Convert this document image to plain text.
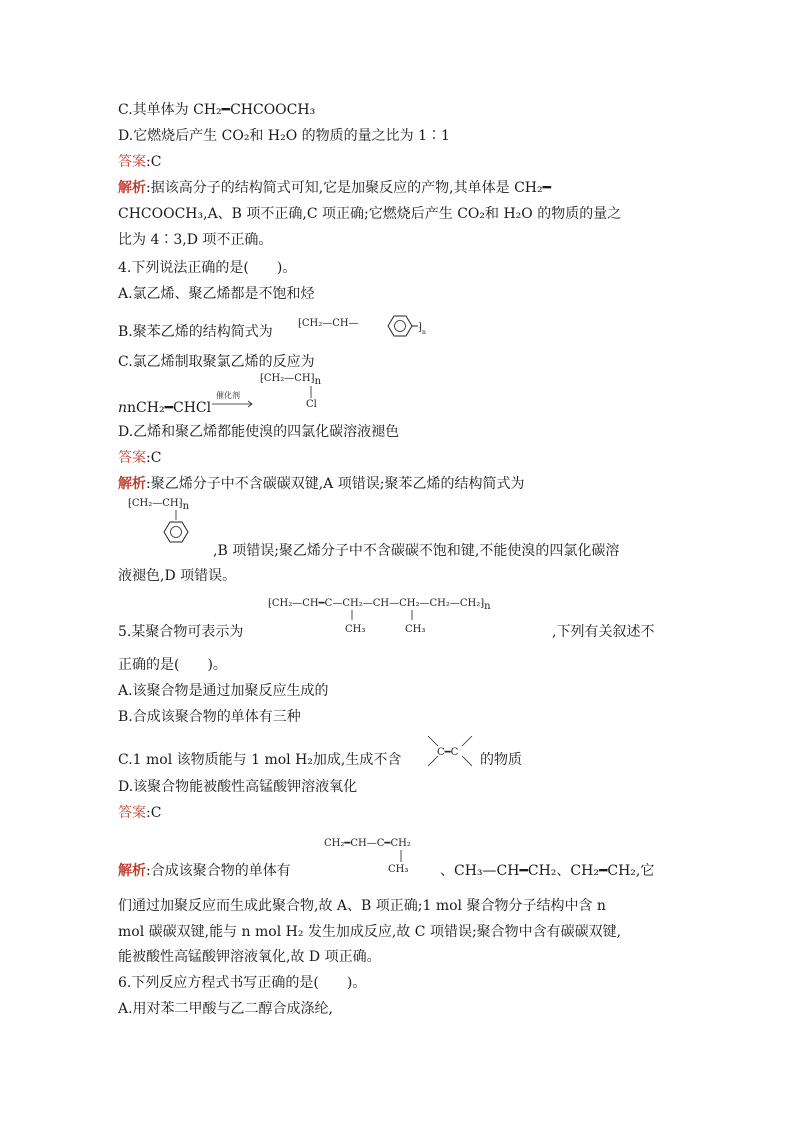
C.其单体为 CH₂━CHCOOCH₃
D.它燃烧后产生 CO₂和 H₂O 的物质的量之比为 1∶1
答案:C
解析:据该高分子的结构简式可知,它是加聚反应的产物,其单体是 CH₂━
CHCOOCH₃,A、B 项不正确,C 项正确;它燃烧后产生 CO₂和 H₂O 的物质的量之
比为 4∶3,D 项不正确。
4.下列说法正确的是(　　)。
A.氯乙烯、聚乙烯都是不饱和烃
B.聚苯乙烯的结构简式为
⁅CH₂—CH—	⁆ n
C.氯乙烯制取聚氯乙烯的反应为
$⁅CH_2—CH⁆_n$
Cl
nnCH₂━CHCl
催化剂
D.乙烯和聚乙烯都能使溴的四氯化碳溶液褪色
答案:C
解析:聚乙烯分子中不含碳碳双键,A 项错误;聚苯乙烯的结构简式为
$⁅CH_2—CH⁆_n$
,B 项错误;聚乙烯分子中不含碳碳不饱和键,不能使溴的四氯化碳溶
液褪色,D 项错误。
$⁅CH_2—CH━C—CH_2—CH—CH_2—CH_2—CH_2⁆_n$
CH₃	CH₃
5.某聚合物可表示为	,下列有关叙述不
正确的是(　　)。
A.该聚合物是通过加聚反应生成的
B.合成该聚合物的单体有三种
C.1 mol 该物质能与 1 mol H₂加成,生成不含	C━C 的物质
D.该聚合物能被酸性高锰酸钾溶液氧化
答案:C
CH₂━CH—C━CH₂
CH₃
解析:合成该聚合物的单体有	、CH₃—CH━CH₂、CH₂━CH₂,它
们通过加聚反应而生成此聚合物,故 A、B 项正确;1 mol 聚合物分子结构中含 n
mol 碳碳双键,能与 n mol H₂ 发生加成反应,故 C 项错误;聚合物中含有碳碳双键,
能被酸性高锰酸钾溶液氧化,故 D 项正确。
6.下列反应方程式书写正确的是(　　)。
A.用对苯二甲酸与乙二醇合成涤纶,
